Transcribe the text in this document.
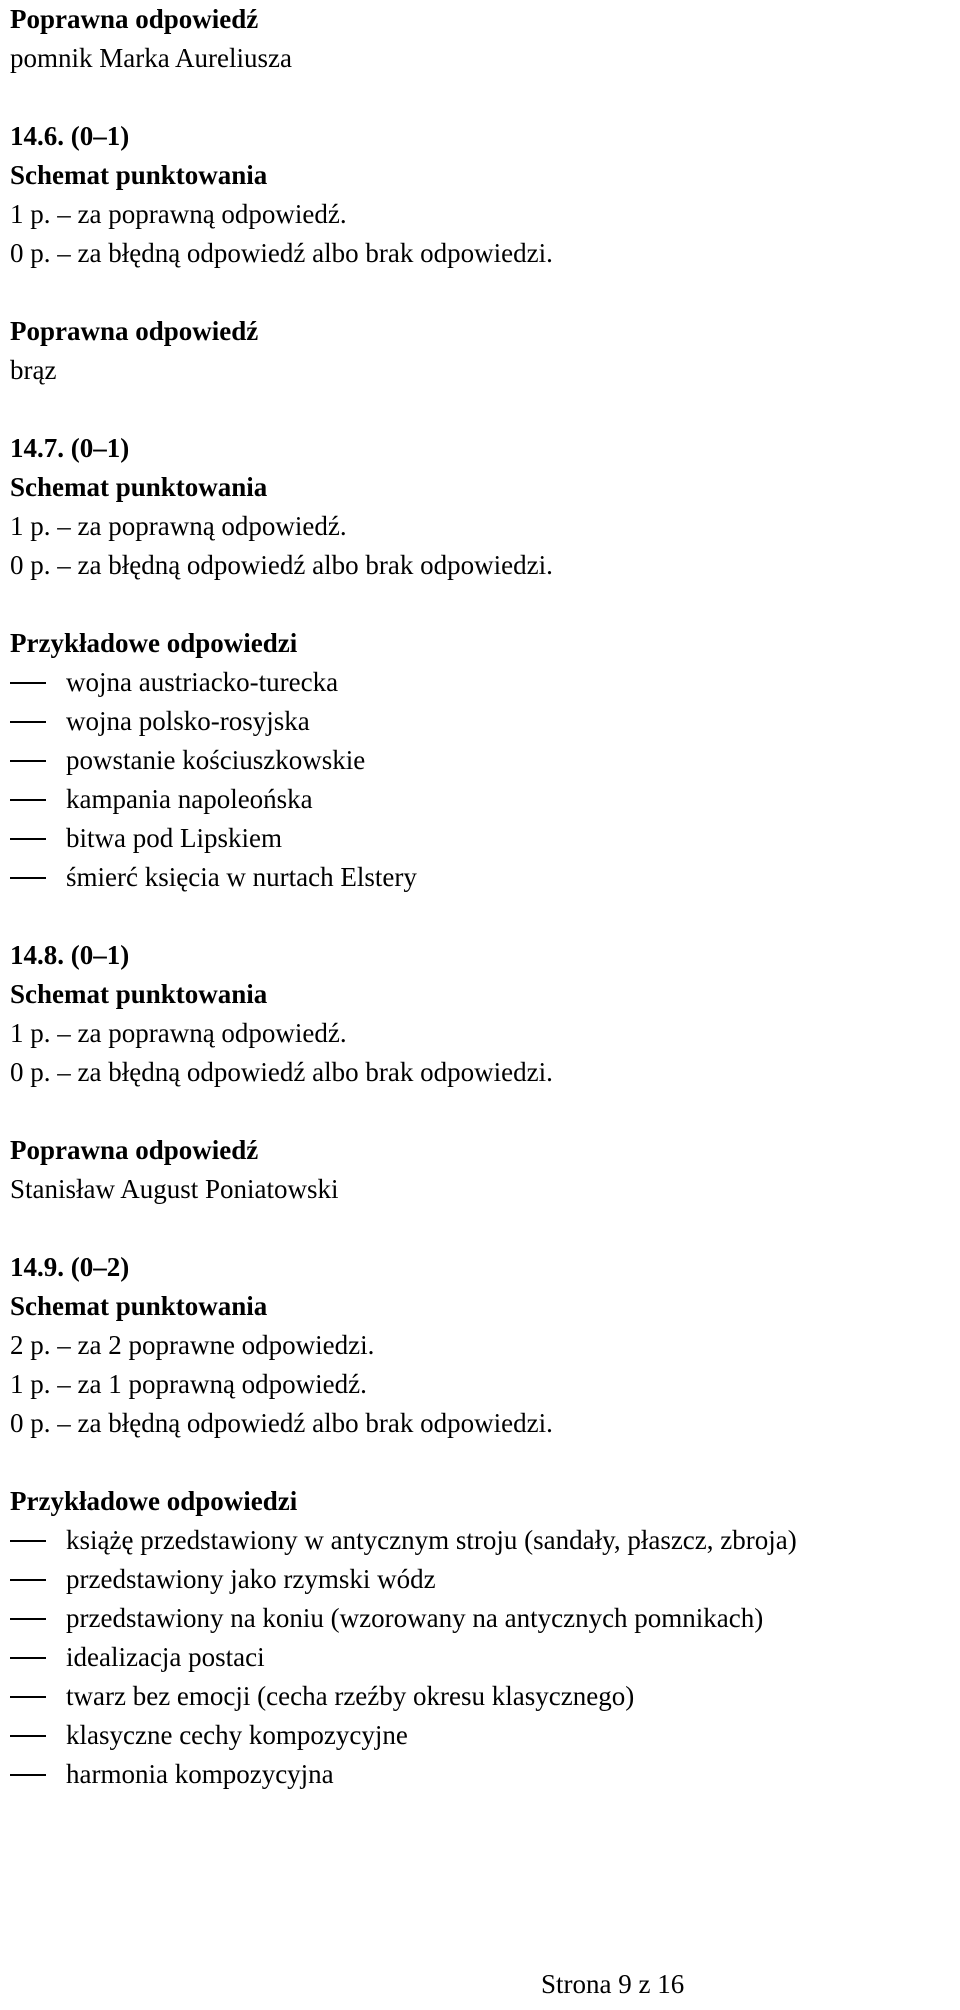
Poprawna odpowiedź
pomnik Marka Aureliusza
14.6. (0–1)
Schemat punktowania
1 p. – za poprawną odpowiedź.
0 p. – za błędną odpowiedź albo brak odpowiedzi.
Poprawna odpowiedź
brąz
14.7. (0–1)
Schemat punktowania
1 p. – za poprawną odpowiedź.
0 p. – za błędną odpowiedź albo brak odpowiedzi.
Przykładowe odpowiedzi
wojna austriacko-turecka
wojna polsko-rosyjska
powstanie kościuszkowskie
kampania napoleońska
bitwa pod Lipskiem
śmierć księcia w nurtach Elstery
14.8. (0–1)
Schemat punktowania
1 p. – za poprawną odpowiedź.
0 p. – za błędną odpowiedź albo brak odpowiedzi.
Poprawna odpowiedź
Stanisław August Poniatowski
14.9. (0–2)
Schemat punktowania
2 p. – za 2 poprawne odpowiedzi.
1 p. – za 1 poprawną odpowiedź.
0 p. – za błędną odpowiedź albo brak odpowiedzi.
Przykładowe odpowiedzi
książę przedstawiony w antycznym stroju (sandały, płaszcz, zbroja)
przedstawiony jako rzymski wódz
przedstawiony na koniu (wzorowany na antycznych pomnikach)
idealizacja postaci
twarz bez emocji (cecha rzeźby okresu klasycznego)
klasyczne cechy kompozycyjne
harmonia kompozycyjna
Strona 9 z 16
